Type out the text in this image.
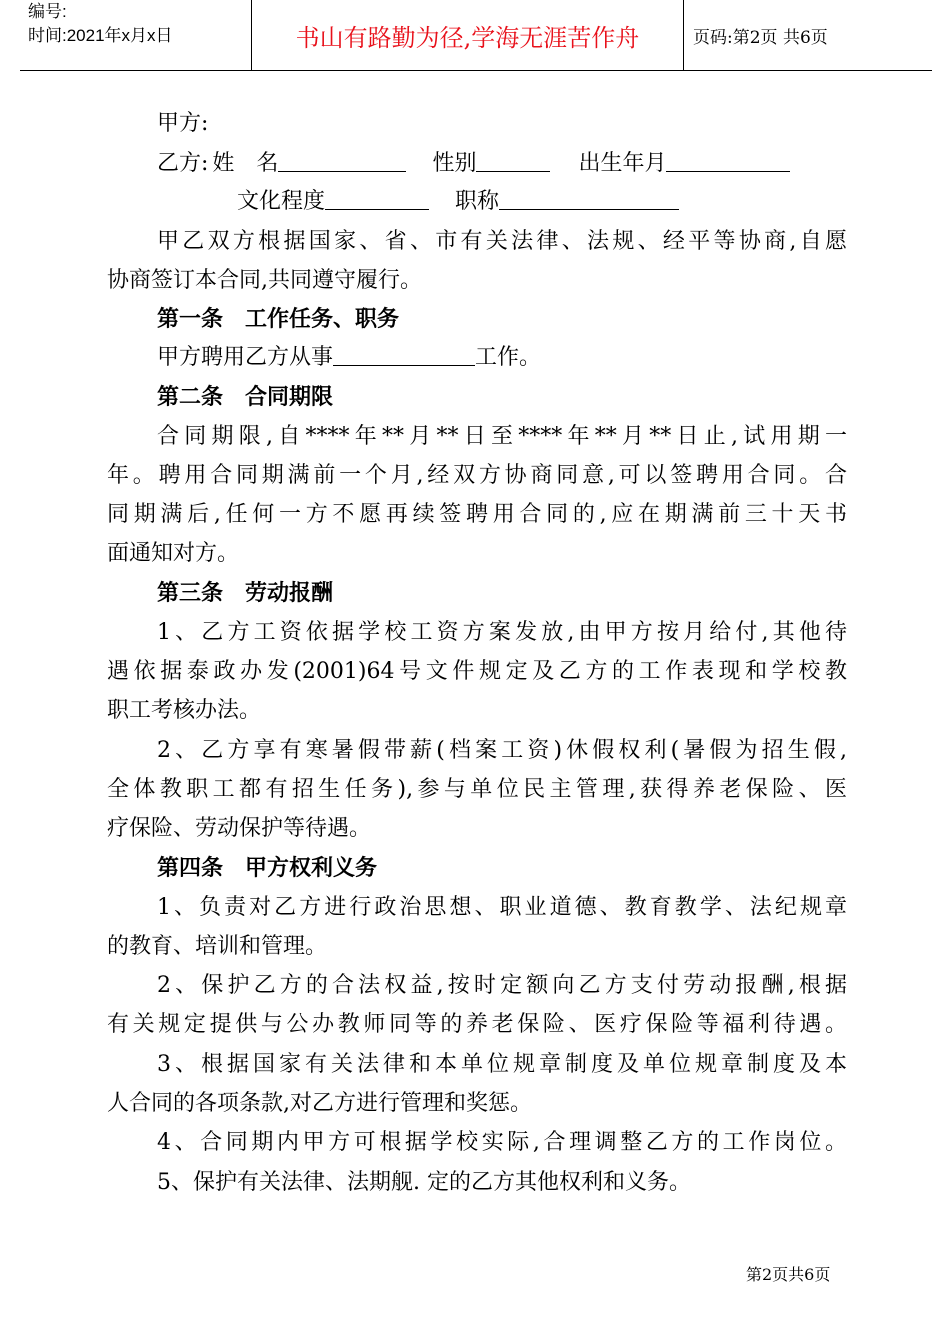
编号:
时间:2021年x月x日	书山有路勤为径,学海无涯苦作舟	页码:第2页 共6页
甲方:
乙方: 姓　名	性别	出生年月
文化程度	职称
甲乙双方根据国家、省、市有关法律、法规、经平等协商,自愿
协商签订本合同,共同遵守履行。
第一条　工作任务、职务
甲方聘用乙方从事	工作。
第二条　合同期限
合同期限,自****年**月**日至****年**月**日止,试用期一
年。聘用合同期满前一个月,经双方协商同意,可以签聘用合同。合
同期满后,任何一方不愿再续签聘用合同的,应在期满前三十天书
面通知对方。
第三条　劳动报酬
1、乙方工资依据学校工资方案发放,由甲方按月给付,其他待
遇依据泰政办发(2001)64号文件规定及乙方的工作表现和学校教
职工考核办法。
2、乙方享有寒暑假带薪(档案工资)休假权利(暑假为招生假,
全体教职工都有招生任务),参与单位民主管理,获得养老保险、医
疗保险、劳动保护等待遇。
第四条　甲方权利义务
1、负责对乙方进行政治思想、职业道德、教育教学、法纪规章
的教育、培训和管理。
2、保护乙方的合法权益,按时定额向乙方支付劳动报酬,根据
有关规定提供与公办教师同等的养老保险、医疗保险等福利待遇。
3、根据国家有关法律和本单位规章制度及单位规章制度及本
人合同的各项条款,对乙方进行管理和奖惩。
4、合同期内甲方可根据学校实际,合理调整乙方的工作岗位。
5、保护有关法律、法期舰. 定的乙方其他权利和义务。
第2页共6页
